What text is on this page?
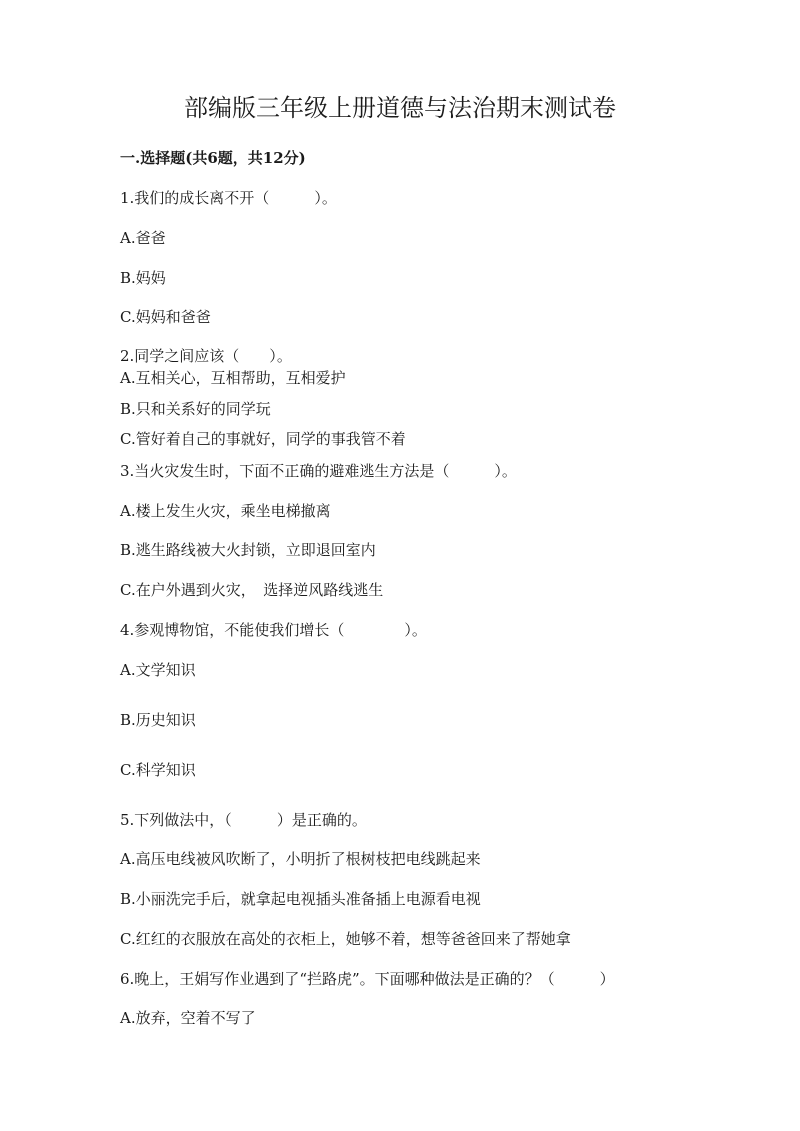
部编版三年级上册道德与法治期末测试卷
一.选择题(共6题，共12分)
1.我们的成长离不开（　　　）。
A.爸爸
B.妈妈
C.妈妈和爸爸
2.同学之间应该（　　）。
A.互相关心，互相帮助，互相爱护
B.只和关系好的同学玩
C.管好着自己的事就好，同学的事我管不着
3.当火灾发生时，下面不正确的避难逃生方法是（　　　）。
A.楼上发生火灾，乘坐电梯撤离
B.逃生路线被大火封锁，立即退回室内
C.在户外遇到火灾，　选择逆风路线逃生
4.参观博物馆，不能使我们增长（　　　　）。
A.文学知识
B.历史知识
C.科学知识
5.下列做法中，（　　　）是正确的。
A.高压电线被风吹断了，小明折了根树枝把电线跳起来
B.小丽洗完手后，就拿起电视插头准备插上电源看电视
C.红红的衣服放在高处的衣柜上，她够不着，想等爸爸回来了帮她拿
6.晚上，王娟写作业遇到了“拦路虎”。下面哪种做法是正确的？（　　　）
A.放弃，空着不写了
